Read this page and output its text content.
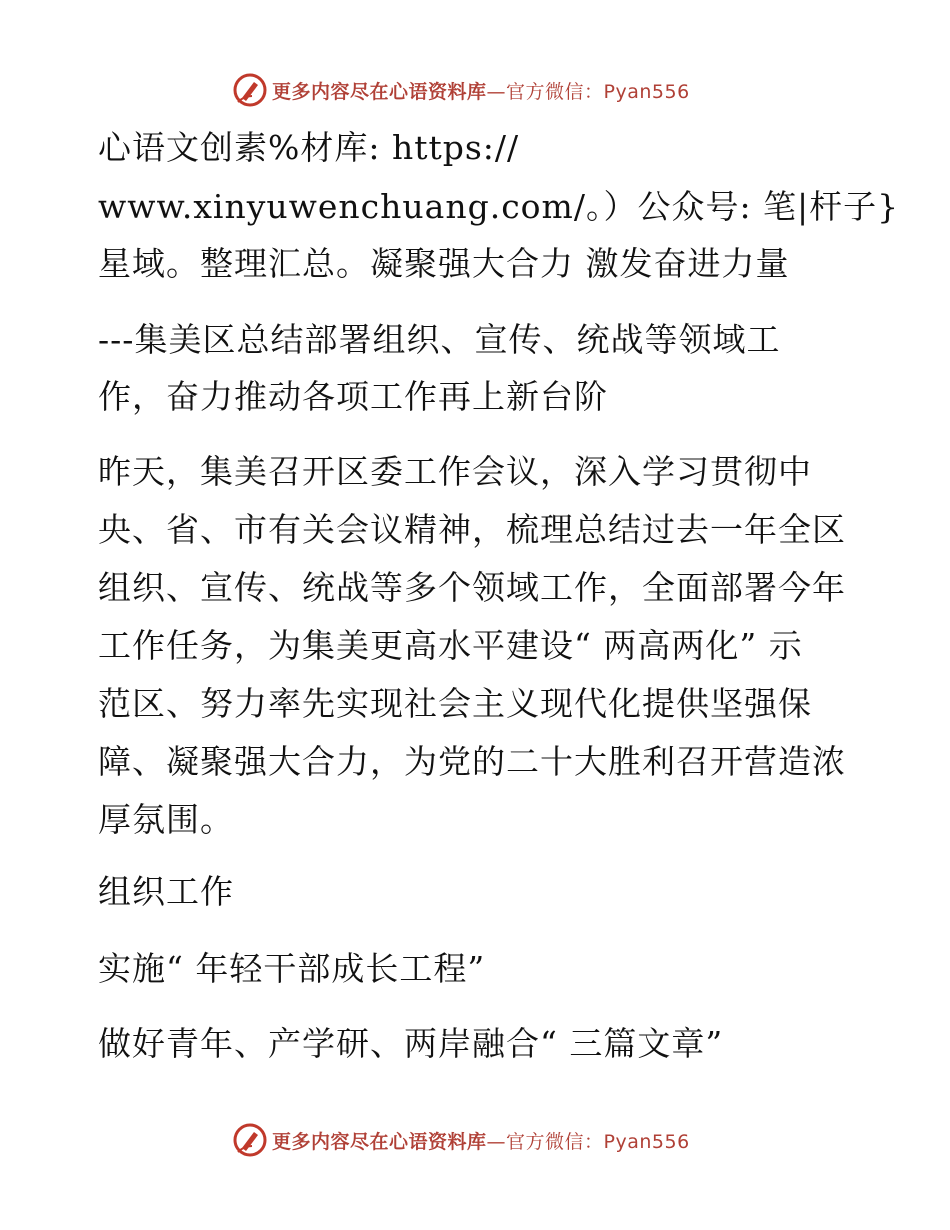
更多内容尽在心语资料库—官方微信：Pyan556
心语文创素%材库: https://
www.xinyuwenchuang.com/。）公众号: 笔|杆子}
星域。整理汇总。凝聚强大合力 激发奋进力量
---集美区总结部署组织、宣传、统战等领域工
作，奋力推动各项工作再上新台阶
昨天，集美召开区委工作会议，深入学习贯彻中
央、省、市有关会议精神，梳理总结过去一年全区
组织、宣传、统战等多个领域工作，全面部署今年
工作任务，为集美更高水平建设“ 两高两化” 示
范区、努力率先实现社会主义现代化提供坚强保
障、凝聚强大合力，为党的二十大胜利召开营造浓
厚氛围。
组织工作
实施“ 年轻干部成长工程”
做好青年、产学研、两岸融合“ 三篇文章”
更多内容尽在心语资料库—官方微信：Pyan556
